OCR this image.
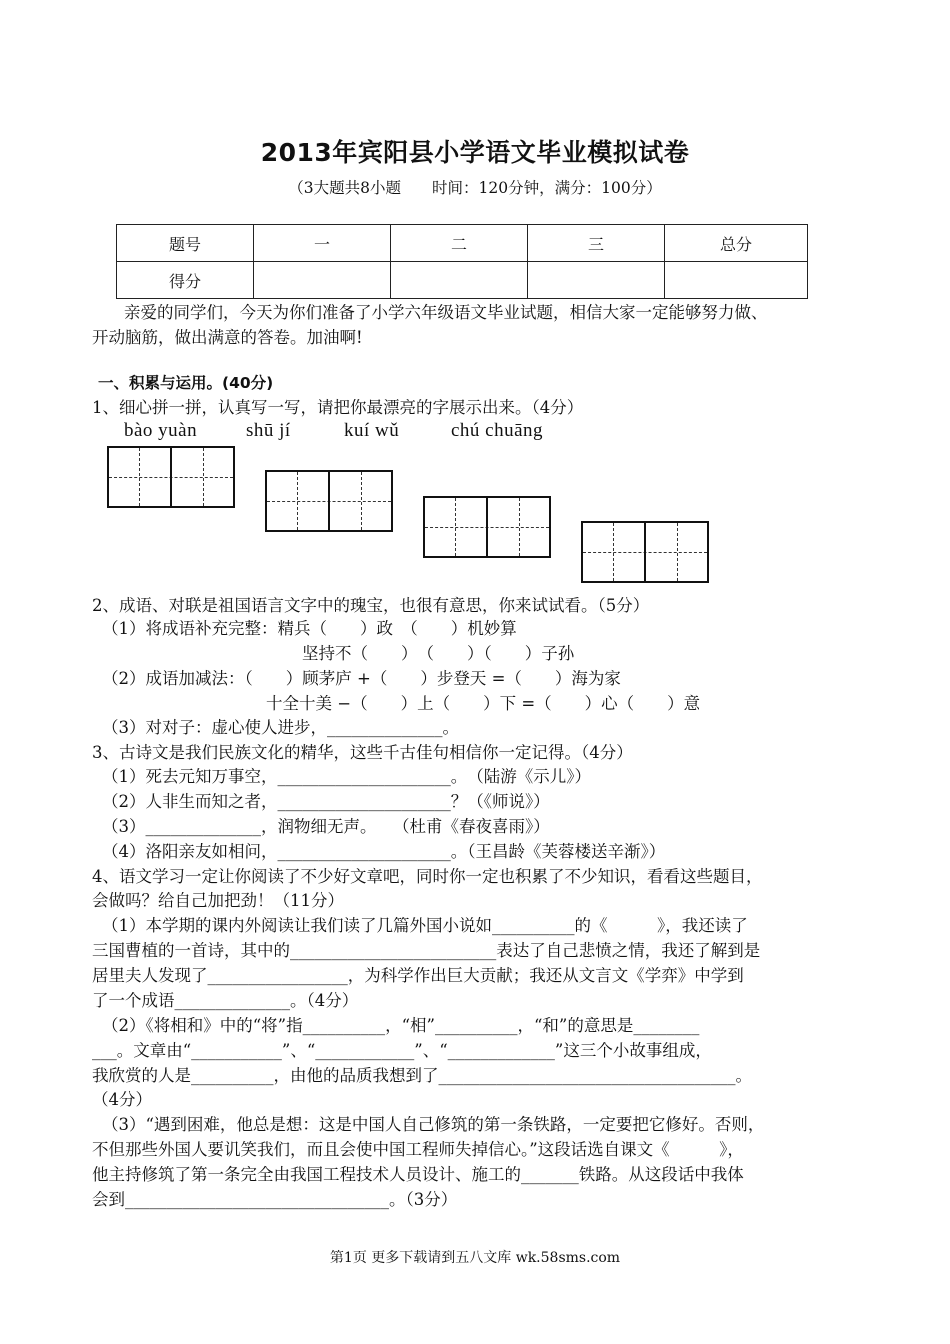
2013年宾阳县小学语文毕业模拟试卷
（3大题共8小题　　时间：120分钟，满分：100分）
题号	一	二	三	总分
得分				
亲爱的同学们，今天为你们准备了小学六年级语文毕业试题，相信大家一定能够努力做、
开动脑筋，做出满意的答卷。加油啊!
一、积累与运用。(40分)
1、细心拼一拼，认真写一写，请把你最漂亮的字展示出来。（4分）
bào yuàn	shū jí	kuí wǔ	chú chuāng
2、成语、对联是祖国语言文字中的瑰宝，也很有意思，你来试试看。（5分）
（1）将成语补充完整：精兵（　　）政　（　　）机妙算
坚持不（　　）　（　　）（　　）子孙
（2）成语加减法：（　　）顾茅庐 +（　　）步登天 =（　　）海为家
十全十美 −（　　）上（　　）下 =（　　）心（　　）意
（3）对对子：虚心使人进步，______________。
3、古诗文是我们民族文化的精华，这些千古佳句相信你一定记得。（4分）
（1）死去元知万事空，_____________________。　（陆游《示儿》）
（2）人非生而知之者，_____________________？（《师说》）
（3）______________，润物细无声。　　（杜甫《春夜喜雨》）
（4）洛阳亲友如相问，_____________________。（王昌龄《芙蓉楼送辛渐》）
4、语文学习一定让你阅读了不少好文章吧，同时你一定也积累了不少知识，看看这些题目，
会做吗？给自己加把劲！（11分）
（1）本学期的课内外阅读让我们读了几篇外国小说如__________的《　　　》，我还读了
三国曹植的一首诗，其中的_________________________表达了自己悲愤之情，我还了解到是
居里夫人发现了_________________，为科学作出巨大贡献；我还从文言文《学弈》中学到
了一个成语______________。（4分）
（2）《将相和》中的“将”指__________，“相”__________，“和”的意思是________
___。文章由“___________”、“____________”、“_____________”这三个小故事组成，
我欣赏的人是__________，由他的品质我想到了____________________________________。
（4分）
（3）“遇到困难，他总是想：这是中国人自己修筑的第一条铁路，一定要把它修好。否则，
不但那些外国人要讥笑我们，而且会使中国工程师失掉信心。”这段话选自课文《　　　》，
他主持修筑了第一条完全由我国工程技术人员设计、施工的_______铁路。从这段话中我体
会到________________________________。（3分）
第1页 更多下载请到五八文库 wk.58sms.com
